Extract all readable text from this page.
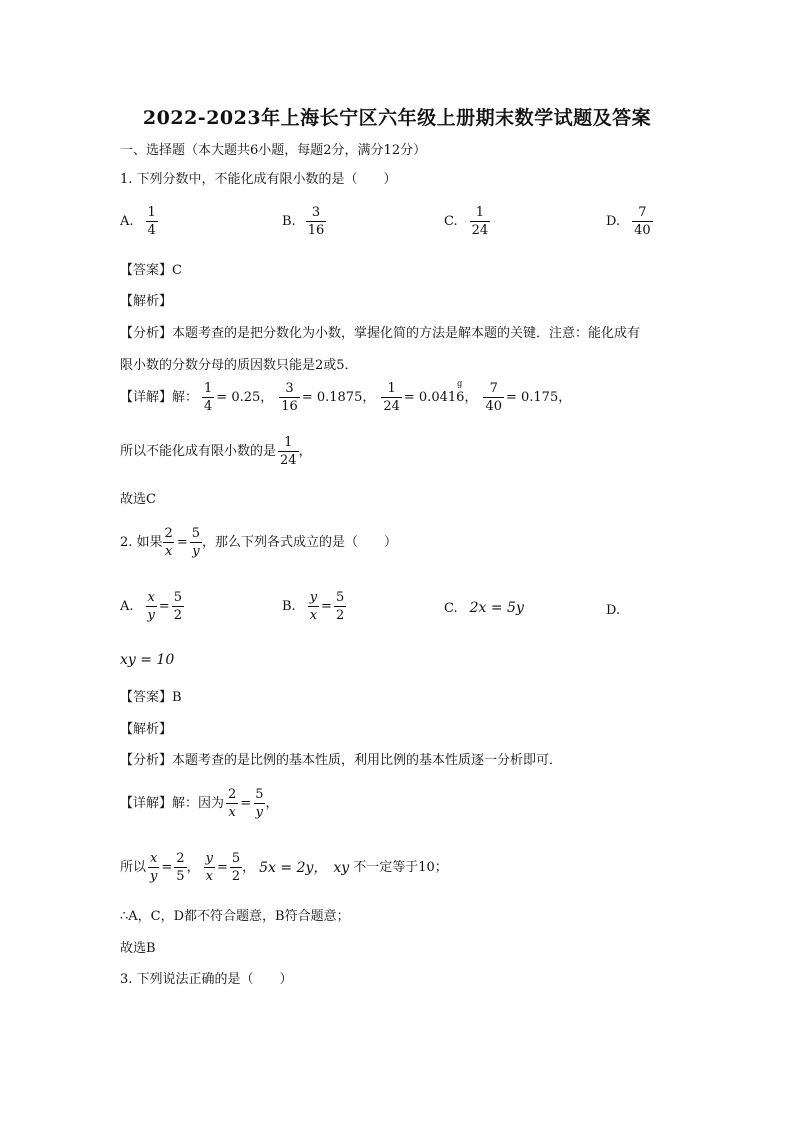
2022-2023年上海长宁区六年级上册期末数学试题及答案
一、选择题（本大题共6小题，每题2分，满分12分）
1. 下列分数中，不能化成有限小数的是（　　）
A. $\frac{1}{4}$	B. $\frac{3}{16}$	C. $\frac{1}{24}$	D. $\frac{7}{40}$
【答案】C
【解析】
【分析】本题考查的是把分数化为小数，掌握化简的方法是解本题的关键．注意：能化成有
限小数的分数分母的质因数只能是2或5．
【详解】解： $\frac{1}{4} = 0.25$， $\frac{3}{16} = 0.1875$， $\frac{1}{24} = 0.041$
g
6， $\frac{7}{40} = 0.175$，
所以不能化成有限小数的是 $\frac{1}{24}$ ，
故选C
2. 如果 $\frac{2}{x} = \frac{5}{y}$ ，那么下列各式成立的是（　　）
A. $\frac{x}{y} = \frac{5}{2}$	B. $\frac{y}{x} = \frac{5}{2}$	C. 2x = 5y	D.
xy = 10
【答案】B
【解析】
【分析】本题考查的是比例的基本性质，利用比例的基本性质逐一分析即可．
【详解】解：因为 $\frac{2}{x} = \frac{5}{y}$ ，
所以 $\frac{x}{y} = \frac{2}{5}$ ， $\frac{y}{x} = \frac{5}{2}$ ， 5x = 2y， xy 不一定等于10；
∴A，C，D都不符合题意，B符合题意；
故选B
3. 下列说法正确的是（　　）
